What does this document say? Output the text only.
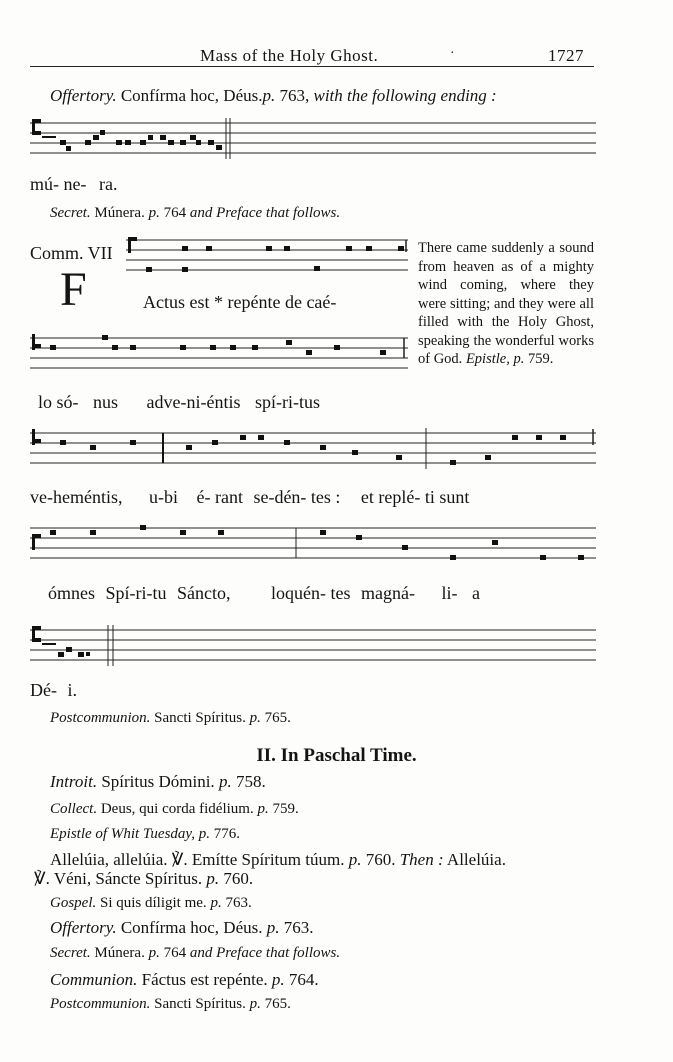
Mass of the Holy Ghost.	·	1727
Offertory. Confírma hoc, Déus.p. 763, with the following ending :
mú- ne- ra.
Secret. Múnera. p. 764 and Preface that follows.
Comm. VII
F	Actus est * repénte de caé-

There came suddenly a sound from heaven as of a mighty wind coming, where they were sitting; and they were all filled with the Holy Ghost, speaking the wonderful works of God. Epistle, p. 759.

lo só- nus adve-ni-éntis spí-ri-tus
ve-heméntis, u-bi é- rant se-dén- tes : et replé- ti sunt
ómnes Spí-ri-tu Sáncto, loquén- tes magná- li- a
Dé- i.
Postcommunion. Sancti Spíritus. p. 765.
II. In Paschal Time.
Introit. Spíritus Dómini. p. 758.
Collect. Deus, qui corda fidélium. p. 759.
Epistle of Whit Tuesday, p. 776.
Allelúia, allelúia. ℣. Emítte Spíritum túum. p. 760. Then : Allelúia.
℣. Véni, Sáncte Spíritus. p. 760.
Gospel. Si quis díligit me. p. 763.
Offertory. Confírma hoc, Déus. p. 763.
Secret. Múnera. p. 764 and Preface that follows.
Communion. Fáctus est repénte. p. 764.
Postcommunion. Sancti Spíritus. p. 765.
